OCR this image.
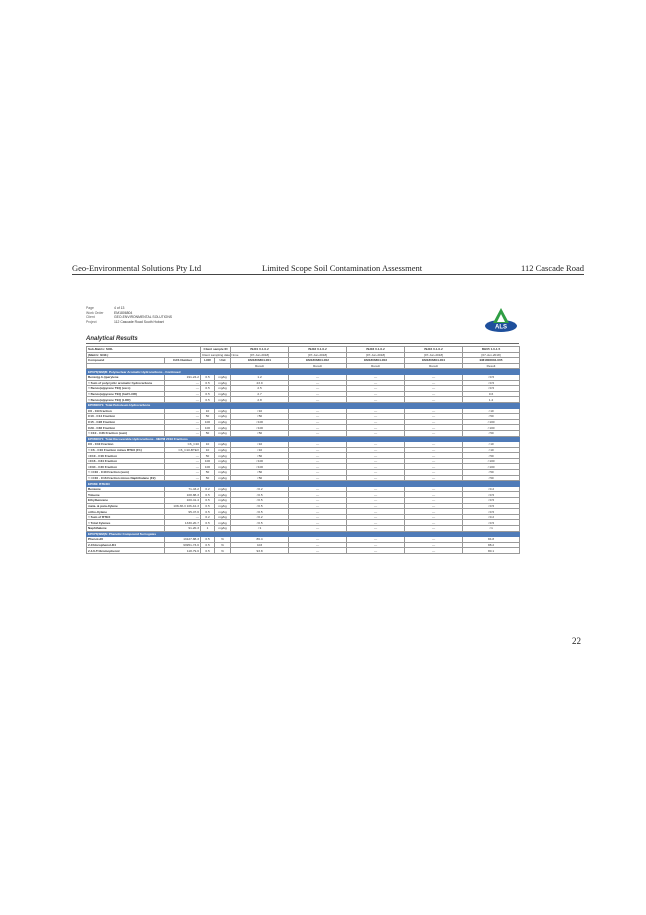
Geo-Environmental Solutions Pty Ltd	Limited Scope Soil Contamination Assessment	112 Cascade Road
Page	4 of 13
Work Order	EM1806804
Client	GEO-ENVIRONMENTAL SOLUTIONS
Project	112 Cascade Road South Hobart
ALS
Analytical Results
Sub-Matrix: SOIL		Client sample ID		BH01 0.1-0.2	BH02 0.1-0.2	BH03 0.1-0.2	BH04 0.1-0.2	BH05 1.0-1.5
(Matrix: SOIL)		Client sampling date / time		[07-Jun-2018]	[07-Jun-2018]	[07-Jun-2018]	[07-Jun-2018]	[07-Jun-2018]
Compound	CAS Number	LOR	Unit	EM1806804-001	EM1806804-002	EM1806804-003	EM1806804-004	EM1806804-005
				Result	Result	Result	Result	Result
EP075(SIM)B: Polynuclear Aromatic Hydrocarbons - Continued								
Benzo(g.h.i)perylene	191-24-2	0.5	mg/kg	1.2	—	—	—	<0.5
^ Sum of polycyclic aromatic hydrocarbons	—	0.5	mg/kg	23.9	—	—	—	<0.5
^ Benzo(a)pyrene TEQ (zero)	—	0.5	mg/kg	2.5	—	—	—	<0.5
^ Benzo(a)pyrene TEQ (half LOR)	—	0.5	mg/kg	2.7	—	—	—	0.6
^ Benzo(a)pyrene TEQ (LOR)	—	0.5	mg/kg	2.8	—	—	—	1.2
EP080/071: Total Petroleum Hydrocarbons								
C6 - C9 Fraction	—	10	mg/kg	<10	—	—	—	<10
C10 - C14 Fraction	—	50	mg/kg	<50	—	—	—	<50
C15 - C28 Fraction	—	100	mg/kg	<100	—	—	—	<100
C29 - C36 Fraction	—	100	mg/kg	<100	—	—	—	<100
^ C10 - C36 Fraction (sum)	—	50	mg/kg	<50	—	—	—	<50
EP080/071: Total Recoverable Hydrocarbons - NEPM 2013 Fractions								
C6 - C10 Fraction	C6_C10	10	mg/kg	<10	—	—	—	<10
^ C6 - C10 Fraction minus BTEX (F1)	C6_C10-BTEX	10	mg/kg	<10	—	—	—	<10
>C10 - C16 Fraction	—	50	mg/kg	<50	—	—	—	<50
>C16 - C34 Fraction	—	100	mg/kg	<100	—	—	—	<100
>C34 - C40 Fraction	—	100	mg/kg	<100	—	—	—	<100
^ >C10 - C40 Fraction (sum)	—	50	mg/kg	<50	—	—	—	<50
^ >C10 - C16 Fraction minus Naphthalene (F2)	—	50	mg/kg	<50	—	—	—	<50
EP080: BTEXN								
Benzene	71-43-2	0.2	mg/kg	<0.2	—	—	—	<0.2
Toluene	108-88-3	0.5	mg/kg	<0.5	—	—	—	<0.5
Ethylbenzene	100-41-4	0.5	mg/kg	<0.5	—	—	—	<0.5
meta- & para-Xylene	108-38-3 106-42-3	0.5	mg/kg	<0.5	—	—	—	<0.5
ortho-Xylene	95-47-6	0.5	mg/kg	<0.5	—	—	—	<0.5
^ Sum of BTEX	—	0.2	mg/kg	<0.2	—	—	—	<0.2
^ Total Xylenes	1330-20-7	0.5	mg/kg	<0.5	—	—	—	<0.5
Naphthalene	91-20-3	1	mg/kg	<1	—	—	—	<1
EP075(SIM)S: Phenolic Compound Surrogates								
Phenol-d6	13127-88-3	0.5	%	86.4	—	—	—	84.8
2-Chlorophenol-D4	93951-73-6	0.5	%	103	—	—	—	88.2
2.4.6-Tribromophenol	118-79-6	0.5	%	93.8	—	—	—	80.1
22
